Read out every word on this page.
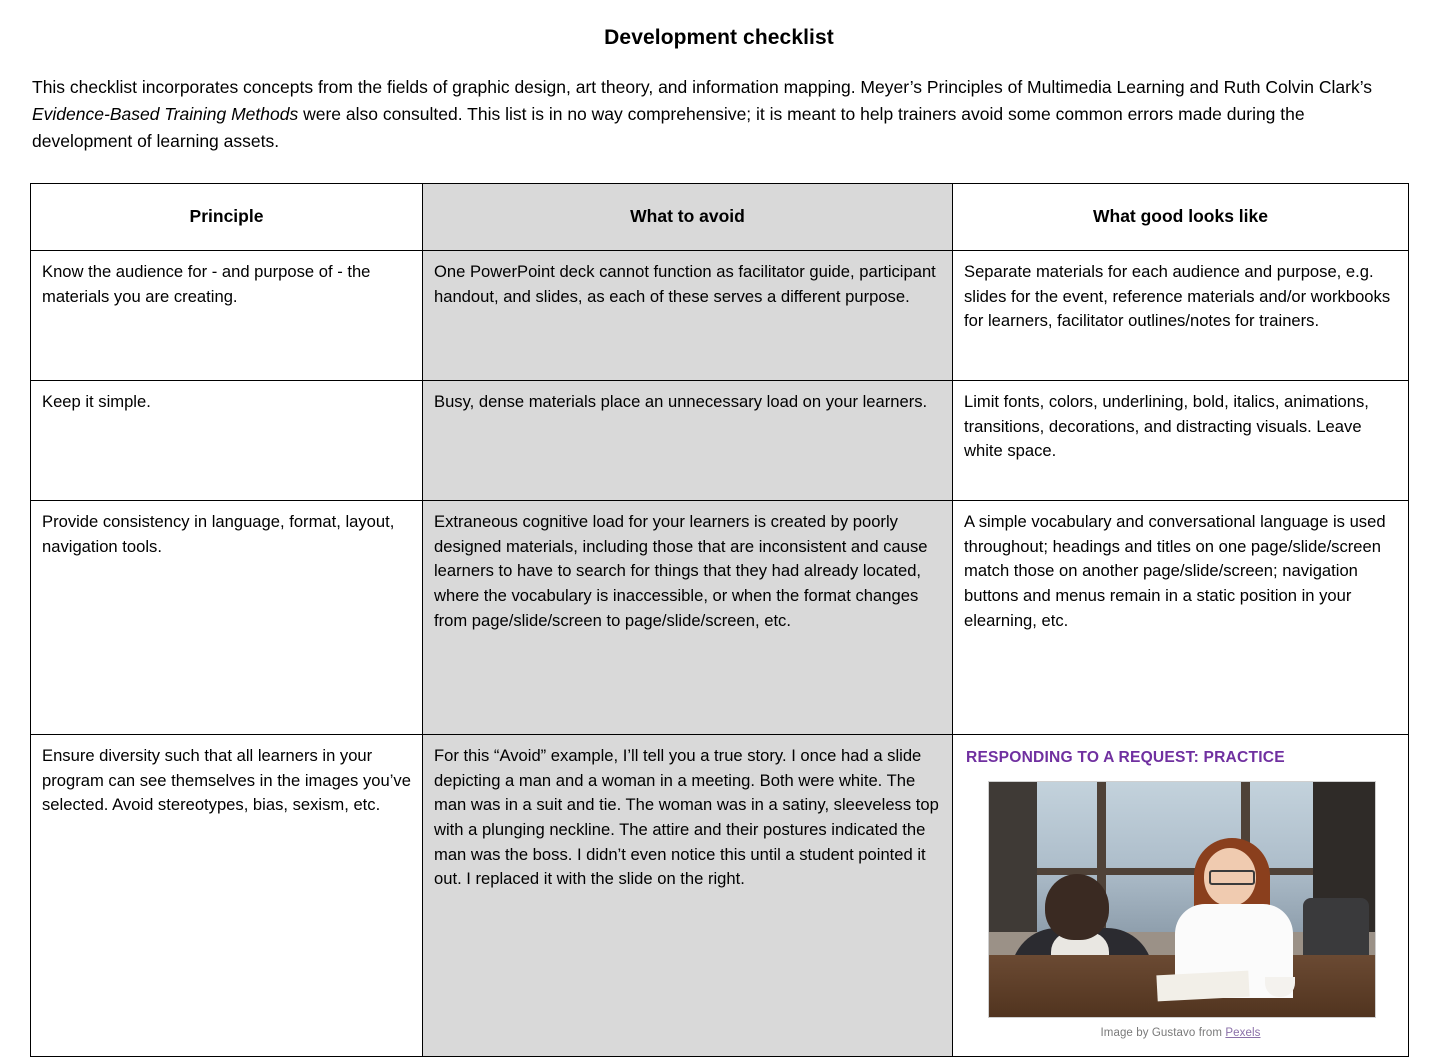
Development checklist

This checklist incorporates concepts from the fields of graphic design, art theory, and information mapping. Meyer’s Principles of Multimedia Learning and Ruth Colvin Clark’s Evidence-Based Training Methods were also consulted. This list is in no way comprehensive; it is meant to help trainers avoid some common errors made during the development of learning assets.

Principle	What to avoid	What good looks like
Know the audience for - and purpose of - the materials you are creating.	One PowerPoint deck cannot function as facilitator guide, participant handout, and slides, as each of these serves a different purpose.	Separate materials for each audience and purpose, e.g. slides for the event, reference materials and/or workbooks for learners, facilitator outlines/notes for trainers.
Keep it simple.	Busy, dense materials place an unnecessary load on your learners.	Limit fonts, colors, underlining, bold, italics, animations, transitions, decorations, and distracting visuals. Leave white space.
Provide consistency in language, format, layout, navigation tools.	Extraneous cognitive load for your learners is created by poorly designed materials, including those that are inconsistent and cause learners to have to search for things that they had already located, where the vocabulary is inaccessible, or when the format changes from page/slide/screen to page/slide/screen, etc.	A simple vocabulary and conversational language is used throughout; headings and titles on one page/slide/screen match those on another page/slide/screen; navigation buttons and menus remain in a static position in your elearning, etc.
Ensure diversity such that all learners in your program can see themselves in the images you’ve selected. Avoid stereotypes, bias, sexism, etc.	For this “Avoid” example, I’ll tell you a true story. I once had a slide depicting a man and a woman in a meeting. Both were white. The man was in a suit and tie. The woman was in a satiny, sleeveless top with a plunging neckline. The attire and their postures indicated the man was the boss. I didn’t even notice this until a student pointed it out. I replaced it with the slide on the right.	RESPONDING TO A REQUEST: PRACTICE
Image by Gustavo from Pexels
